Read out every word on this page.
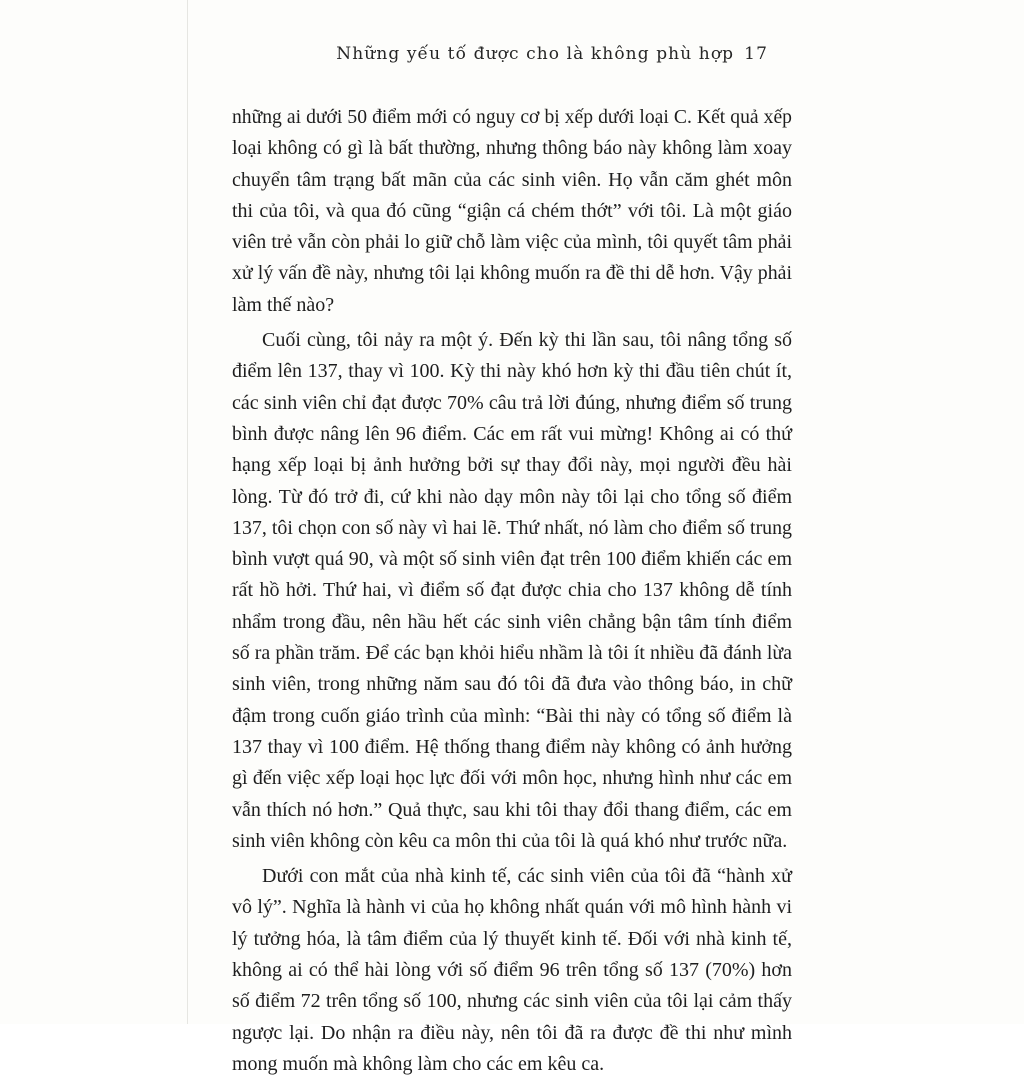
Những yếu tố được cho là không phù hợp 17
những ai dưới 50 điểm mới có nguy cơ bị xếp dưới loại C. Kết quả xếp
loại không có gì là bất thường, nhưng thông báo này không làm xoay
chuyển tâm trạng bất mãn của các sinh viên. Họ vẫn căm ghét môn
thi của tôi, và qua đó cũng “giận cá chém thớt” với tôi. Là một giáo
viên trẻ vẫn còn phải lo giữ chỗ làm việc của mình, tôi quyết tâm phải
xử lý vấn đề này, nhưng tôi lại không muốn ra đề thi dễ hơn. Vậy phải
làm thế nào?
Cuối cùng, tôi nảy ra một ý. Đến kỳ thi lần sau, tôi nâng tổng số
điểm lên 137, thay vì 100. Kỳ thi này khó hơn kỳ thi đầu tiên chút ít,
các sinh viên chỉ đạt được 70% câu trả lời đúng, nhưng điểm số trung
bình được nâng lên 96 điểm. Các em rất vui mừng! Không ai có thứ
hạng xếp loại bị ảnh hưởng bởi sự thay đổi này, mọi người đều hài
lòng. Từ đó trở đi, cứ khi nào dạy môn này tôi lại cho tổng số điểm
137, tôi chọn con số này vì hai lẽ. Thứ nhất, nó làm cho điểm số trung
bình vượt quá 90, và một số sinh viên đạt trên 100 điểm khiến các em
rất hồ hởi. Thứ hai, vì điểm số đạt được chia cho 137 không dễ tính
nhẩm trong đầu, nên hầu hết các sinh viên chẳng bận tâm tính điểm
số ra phần trăm. Để các bạn khỏi hiểu nhầm là tôi ít nhiều đã đánh lừa
sinh viên, trong những năm sau đó tôi đã đưa vào thông báo, in chữ
đậm trong cuốn giáo trình của mình: “Bài thi này có tổng số điểm là
137 thay vì 100 điểm. Hệ thống thang điểm này không có ảnh hưởng
gì đến việc xếp loại học lực đối với môn học, nhưng hình như các em
vẫn thích nó hơn.” Quả thực, sau khi tôi thay đổi thang điểm, các em
sinh viên không còn kêu ca môn thi của tôi là quá khó như trước nữa.
Dưới con mắt của nhà kinh tế, các sinh viên của tôi đã “hành xử
vô lý”. Nghĩa là hành vi của họ không nhất quán với mô hình hành vi
lý tưởng hóa, là tâm điểm của lý thuyết kinh tế. Đối với nhà kinh tế,
không ai có thể hài lòng với số điểm 96 trên tổng số 137 (70%) hơn
số điểm 72 trên tổng số 100, nhưng các sinh viên của tôi lại cảm thấy
ngược lại. Do nhận ra điều này, nên tôi đã ra được đề thi như mình
mong muốn mà không làm cho các em kêu ca.
